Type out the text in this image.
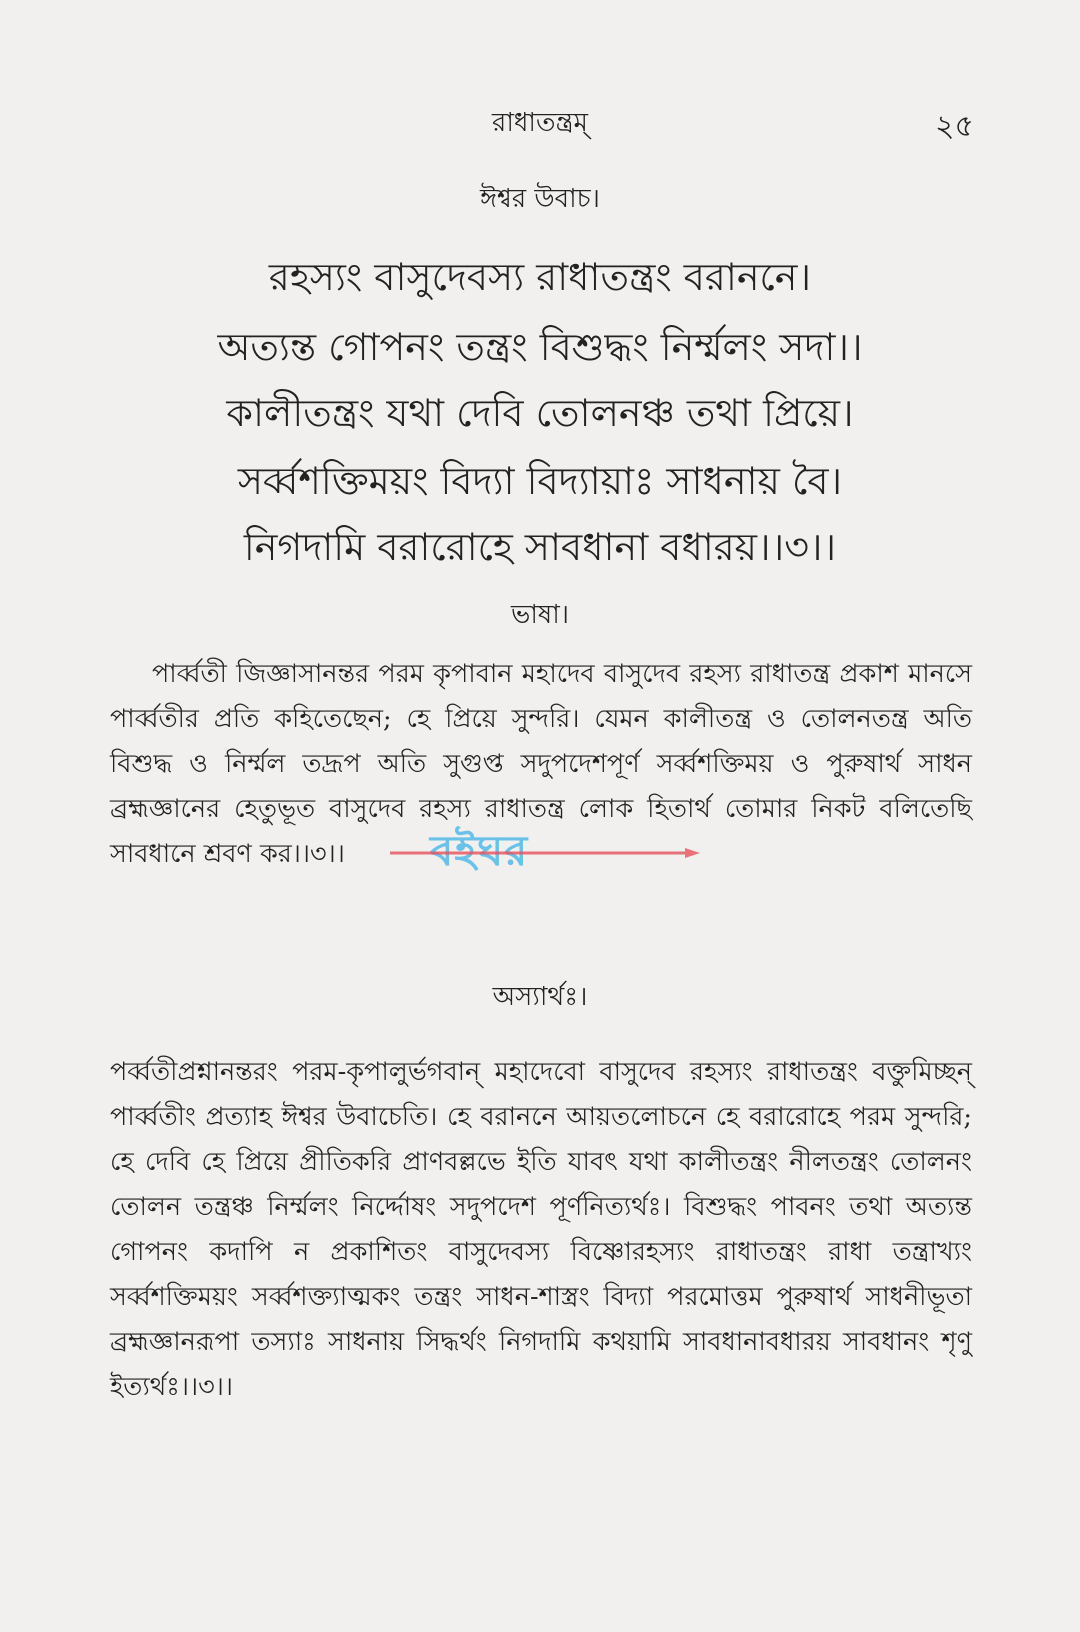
রাধাতন্ত্রম্	২৫
ঈশ্বর উবাচ।
রহস্যং বাসুদেবস্য রাধাতন্ত্রং বরাননে।
অত্যন্ত গোপনং তন্ত্রং বিশুদ্ধং নির্ম্মলং সদা।।
কালীতন্ত্রং যথা দেবি তোলনঞ্চ তথা প্রিয়ে।
সর্ব্বশক্তিময়ং বিদ্যা বিদ্যায়াঃ সাধনায় বৈ।
নিগদামি বরারোহে সাবধানা বধারয়।।৩।।
ভাষা।
পার্ব্বতী জিজ্ঞাসানন্তর পরম কৃপাবান মহাদেব বাসুদেব রহস্য রাধাতন্ত্র প্রকাশ মানসে পার্ব্বতীর প্রতি কহিতেছেন; হে প্রিয়ে সুন্দরি। যেমন কালীতন্ত্র ও তোলনতন্ত্র অতি বিশুদ্ধ ও নির্ম্মল তদ্রূপ অতি সুগুপ্ত সদুপদেশপূর্ণ সর্ব্বশক্তিময় ও পুরুষার্থ সাধন ব্রহ্মজ্ঞানের হেতুভূত বাসুদেব রহস্য রাধাতন্ত্র লোক হিতার্থ তোমার নিকট বলিতেছি সাবধানে শ্রবণ কর।।৩।।
অস্যার্থঃ।
পর্ব্বতীপ্রশ্নানন্তরং পরম-কৃপালুর্ভগবান্ মহাদেবো বাসুদেব রহস্যং রাধাতন্ত্রং বক্তুমিচ্ছন্ পার্ব্বতীং প্রত্যাহ ঈশ্বর উবাচেতি। হে বরাননে আয়তলোচনে হে বরারোহে পরম সুন্দরি; হে দেবি হে প্রিয়ে প্রীতিকরি প্রাণবল্লভে ইতি যাবৎ যথা কালীতন্ত্রং নীলতন্ত্রং তোলনং তোলন তন্ত্রঞ্চ নির্ম্মলং নির্দ্দোষং সদুপদেশ পূর্ণনিত্যর্থঃ। বিশুদ্ধং পাবনং তথা অত্যন্ত গোপনং কদাপি ন প্রকাশিতং বাসুদেবস্য বিষ্ণোরহস্যং রাধাতন্ত্রং রাধা তন্ত্রাখ্যং সর্ব্বশক্তিময়ং সর্ব্বশক্ত্যাত্মকং তন্ত্রং সাধন-শাস্ত্রং বিদ্যা পরমোত্তম পুরুষার্থ সাধনীভূতা ব্রহ্মজ্ঞানরূপা তস্যাঃ সাধনায় সিদ্ধর্থং নিগদামি কথয়ামি সাবধানাবধারয় সাবধানং শৃণু ইত্যর্থঃ।।৩।।
বইঘর
